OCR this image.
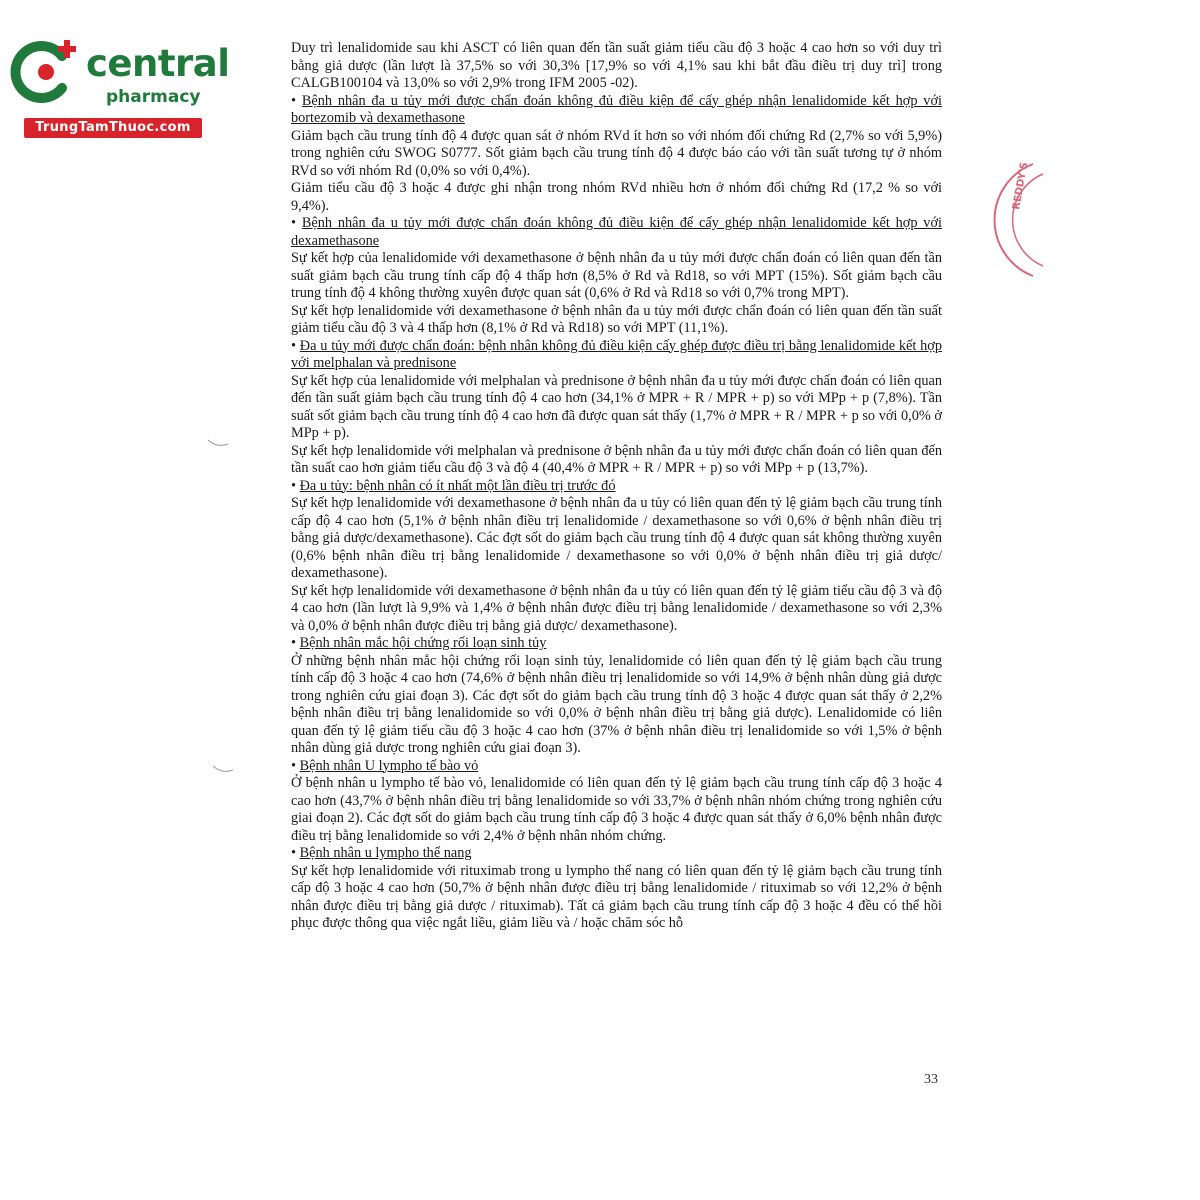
central
pharmacy
TrungTamThuoc.com
REDDY'S

Duy trì lenalidomide sau khi ASCT có liên quan đến tần suất giảm tiểu cầu độ 3 hoặc 4 cao hơn so với duy trì bằng giả dược (lần lượt là 37,5% so với 30,3% [17,9% so với 4,1% sau khi bắt đầu điều trị duy trì] trong CALGB100104 và 13,0% so với 2,9% trong IFM 2005 -02).

• Bệnh nhân đa u tủy mới được chẩn đoán không đủ điều kiện để cấy ghép nhận lenalidomide kết hợp với bortezomib và dexamethasone

Giảm bạch cầu trung tính độ 4 được quan sát ở nhóm RVd ít hơn so với nhóm đối chứng Rd (2,7% so với 5,9%) trong nghiên cứu SWOG S0777. Sốt giảm bạch cầu trung tính độ 4 được báo cáo với tần suất tương tự ở nhóm RVd so với nhóm Rd (0,0% so với 0,4%).

Giảm tiểu cầu độ 3 hoặc 4 được ghi nhận trong nhóm RVd nhiều hơn ở nhóm đối chứng Rd (17,2 % so với 9,4%).

• Bệnh nhân đa u tủy mới được chẩn đoán không đủ điều kiện để cấy ghép nhận lenalidomide kết hợp với dexamethasone

Sự kết hợp của lenalidomide với dexamethasone ở bệnh nhân đa u tủy mới được chẩn đoán có liên quan đến tần suất giảm bạch cầu trung tính cấp độ 4 thấp hơn (8,5% ở Rd và Rd18, so với MPT (15%). Sốt giảm bạch cầu trung tính độ 4 không thường xuyên được quan sát (0,6% ở Rd và Rd18 so với 0,7% trong MPT).

Sự kết hợp lenalidomide với dexamethasone ở bệnh nhân đa u tủy mới được chẩn đoán có liên quan đến tần suất giảm tiểu cầu độ 3 và 4 thấp hơn (8,1% ở Rd và Rd18) so với MPT (11,1%).

• Đa u tủy mới được chẩn đoán: bệnh nhân không đủ điều kiện cấy ghép được điều trị bằng lenalidomide kết hợp với melphalan và prednisone

Sự kết hợp của lenalidomide với melphalan và prednisone ở bệnh nhân đa u tủy mới được chẩn đoán có liên quan đến tần suất giảm bạch cầu trung tính độ 4 cao hơn (34,1% ở MPR + R / MPR + p) so với MPp + p (7,8%). Tần suất sốt giảm bạch cầu trung tính độ 4 cao hơn đã được quan sát thấy (1,7% ở MPR + R / MPR + p so với 0,0% ở MPp + p).

Sự kết hợp lenalidomide với melphalan và prednisone ở bệnh nhân đa u tủy mới được chẩn đoán có liên quan đến tần suất cao hơn giảm tiểu cầu độ 3 và độ 4 (40,4% ở MPR + R / MPR + p) so với MPp + p (13,7%).

• Đa u tủy: bệnh nhân có ít nhất một lần điều trị trước đó

Sự kết hợp lenalidomide với dexamethasone ở bệnh nhân đa u tủy có liên quan đến tỷ lệ giảm bạch cầu trung tính cấp độ 4 cao hơn (5,1% ở bệnh nhân điều trị lenalidomide / dexamethasone so với 0,6% ở bệnh nhân điều trị bằng giả dược/dexamethasone). Các đợt sốt do giảm bạch cầu trung tính độ 4 được quan sát không thường xuyên (0,6% bệnh nhân điều trị bằng lenalidomide / dexamethasone so với 0,0% ở bệnh nhân điều trị giả dược/ dexamethasone).

Sự kết hợp lenalidomide với dexamethasone ở bệnh nhân đa u tủy có liên quan đến tỷ lệ giảm tiểu cầu độ 3 và độ 4 cao hơn (lần lượt là 9,9% và 1,4% ở bệnh nhân được điều trị bằng lenalidomide / dexamethasone so với 2,3% và 0,0% ở bệnh nhân được điều trị bằng giả dược/ dexamethasone).

• Bệnh nhân mắc hội chứng rối loạn sinh tủy

Ở những bệnh nhân mắc hội chứng rối loạn sinh tủy, lenalidomide có liên quan đến tỷ lệ giảm bạch cầu trung tính cấp độ 3 hoặc 4 cao hơn (74,6% ở bệnh nhân điều trị lenalidomide so với 14,9% ở bệnh nhân dùng giả dược trong nghiên cứu giai đoạn 3). Các đợt sốt do giảm bạch cầu trung tính độ 3 hoặc 4 được quan sát thấy ở 2,2% bệnh nhân điều trị bằng lenalidomide so với 0,0% ở bệnh nhân điều trị bằng giả dược). Lenalidomide có liên quan đến tỷ lệ giảm tiểu cầu độ 3 hoặc 4 cao hơn (37% ở bệnh nhân điều trị lenalidomide so với 1,5% ở bệnh nhân dùng giả dược trong nghiên cứu giai đoạn 3).

• Bệnh nhân U lympho tế bào vỏ

Ở bệnh nhân u lympho tế bào vỏ, lenalidomide có liên quan đến tỷ lệ giảm bạch cầu trung tính cấp độ 3 hoặc 4 cao hơn (43,7% ở bệnh nhân điều trị bằng lenalidomide so với 33,7% ở bệnh nhân nhóm chứng trong nghiên cứu giai đoạn 2). Các đợt sốt do giảm bạch cầu trung tính cấp độ 3 hoặc 4 được quan sát thấy ở 6,0% bệnh nhân được điều trị bằng lenalidomide so với 2,4% ở bệnh nhân nhóm chứng.

• Bệnh nhân u lympho thể nang

Sự kết hợp lenalidomide với rituximab trong u lympho thể nang có liên quan đến tỷ lệ giảm bạch cầu trung tính cấp độ 3 hoặc 4 cao hơn (50,7% ở bệnh nhân được điều trị bằng lenalidomide / rituximab so với 12,2% ở bệnh nhân được điều trị bằng giả dược / rituximab). Tất cả giảm bạch cầu trung tính cấp độ 3 hoặc 4 đều có thể hồi phục được thông qua việc ngắt liều, giảm liều và / hoặc chăm sóc hỗ

33
